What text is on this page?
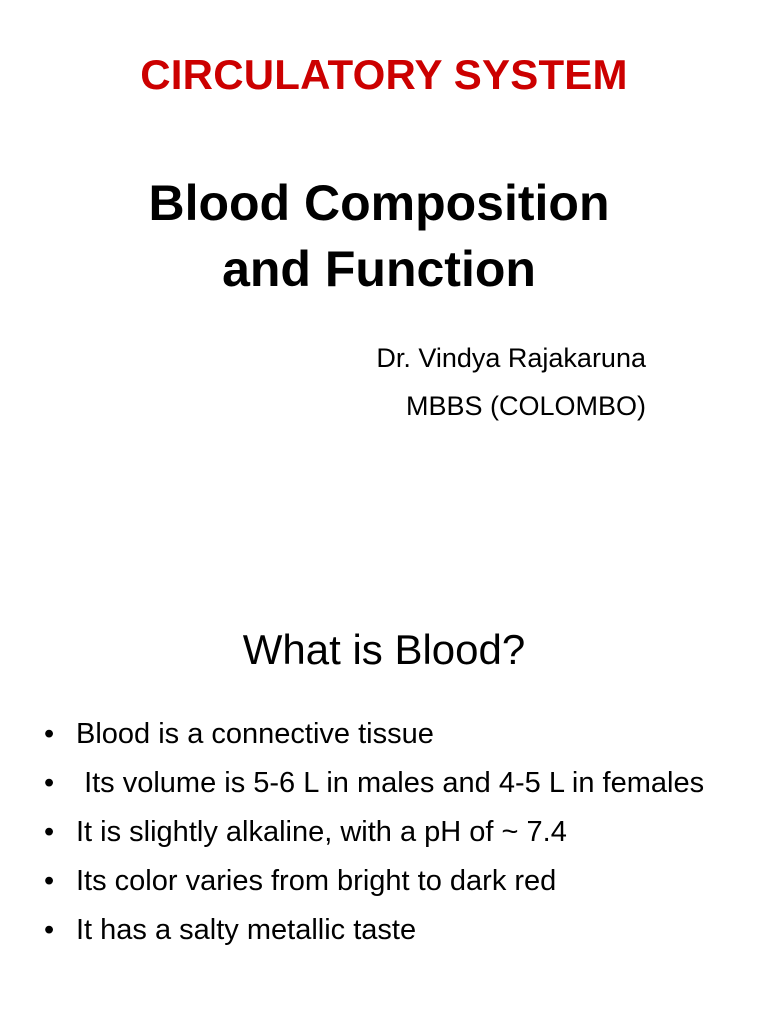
CIRCULATORY SYSTEM
Blood Composition
and Function
Dr. Vindya Rajakaruna
MBBS (COLOMBO)
What is Blood?
• Blood is a connective tissue
•  Its volume is 5-6 L in males and 4-5 L in females
• It is slightly alkaline, with a pH of ~ 7.4
• Its color varies from bright to dark red
• It has a salty metallic taste
